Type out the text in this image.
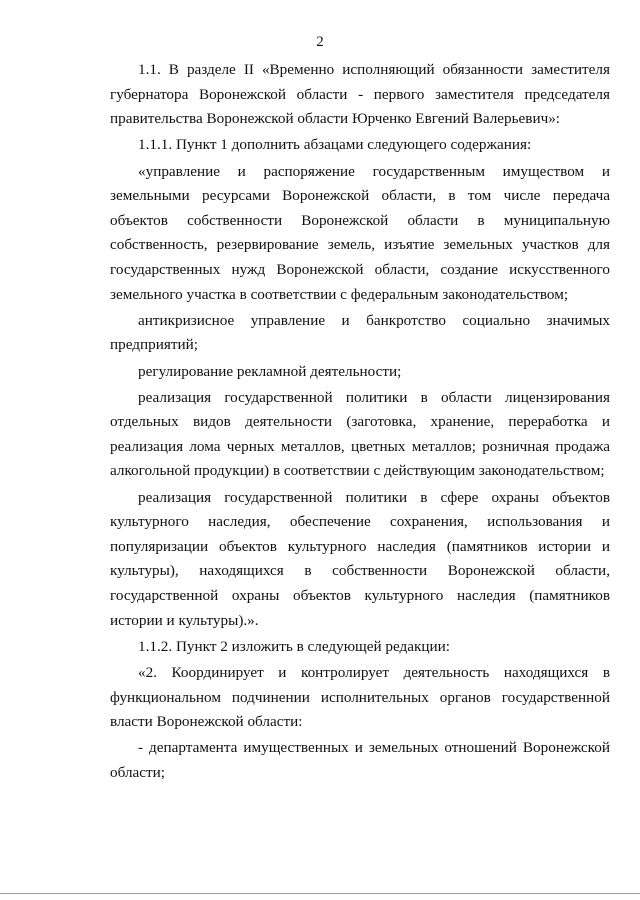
2

1.1. В разделе II «Временно исполняющий обязанности заместителя губернатора Воронежской области - первого заместителя председателя правительства Воронежской области Юрченко Евгений Валерьевич»:

1.1.1. Пункт 1 дополнить абзацами следующего содержания:

«управление и распоряжение государственным имуществом и земельными ресурсами Воронежской области, в том числе передача объектов собственности Воронежской области в муниципальную собственность, резервирование земель, изъятие земельных участков для государственных нужд Воронежской области, создание искусственного земельного участка в соответствии с федеральным законодательством;

антикризисное управление и банкротство социально значимых предприятий;

регулирование рекламной деятельности;

реализация государственной политики в области лицензирования отдельных видов деятельности (заготовка, хранение, переработка и реализация лома черных металлов, цветных металлов; розничная продажа алкогольной продукции) в соответствии с действующим законодательством;

реализация государственной политики в сфере охраны объектов культурного наследия, обеспечение сохранения, использования и популяризации объектов культурного наследия (памятников истории и культуры), находящихся в собственности Воронежской области, государственной охраны объектов культурного наследия (памятников истории и культуры).».

1.1.2. Пункт 2 изложить в следующей редакции:

«2. Координирует и контролирует деятельность находящихся в функциональном подчинении исполнительных органов государственной власти Воронежской области:

- департамента имущественных и земельных отношений Воронежской области;
